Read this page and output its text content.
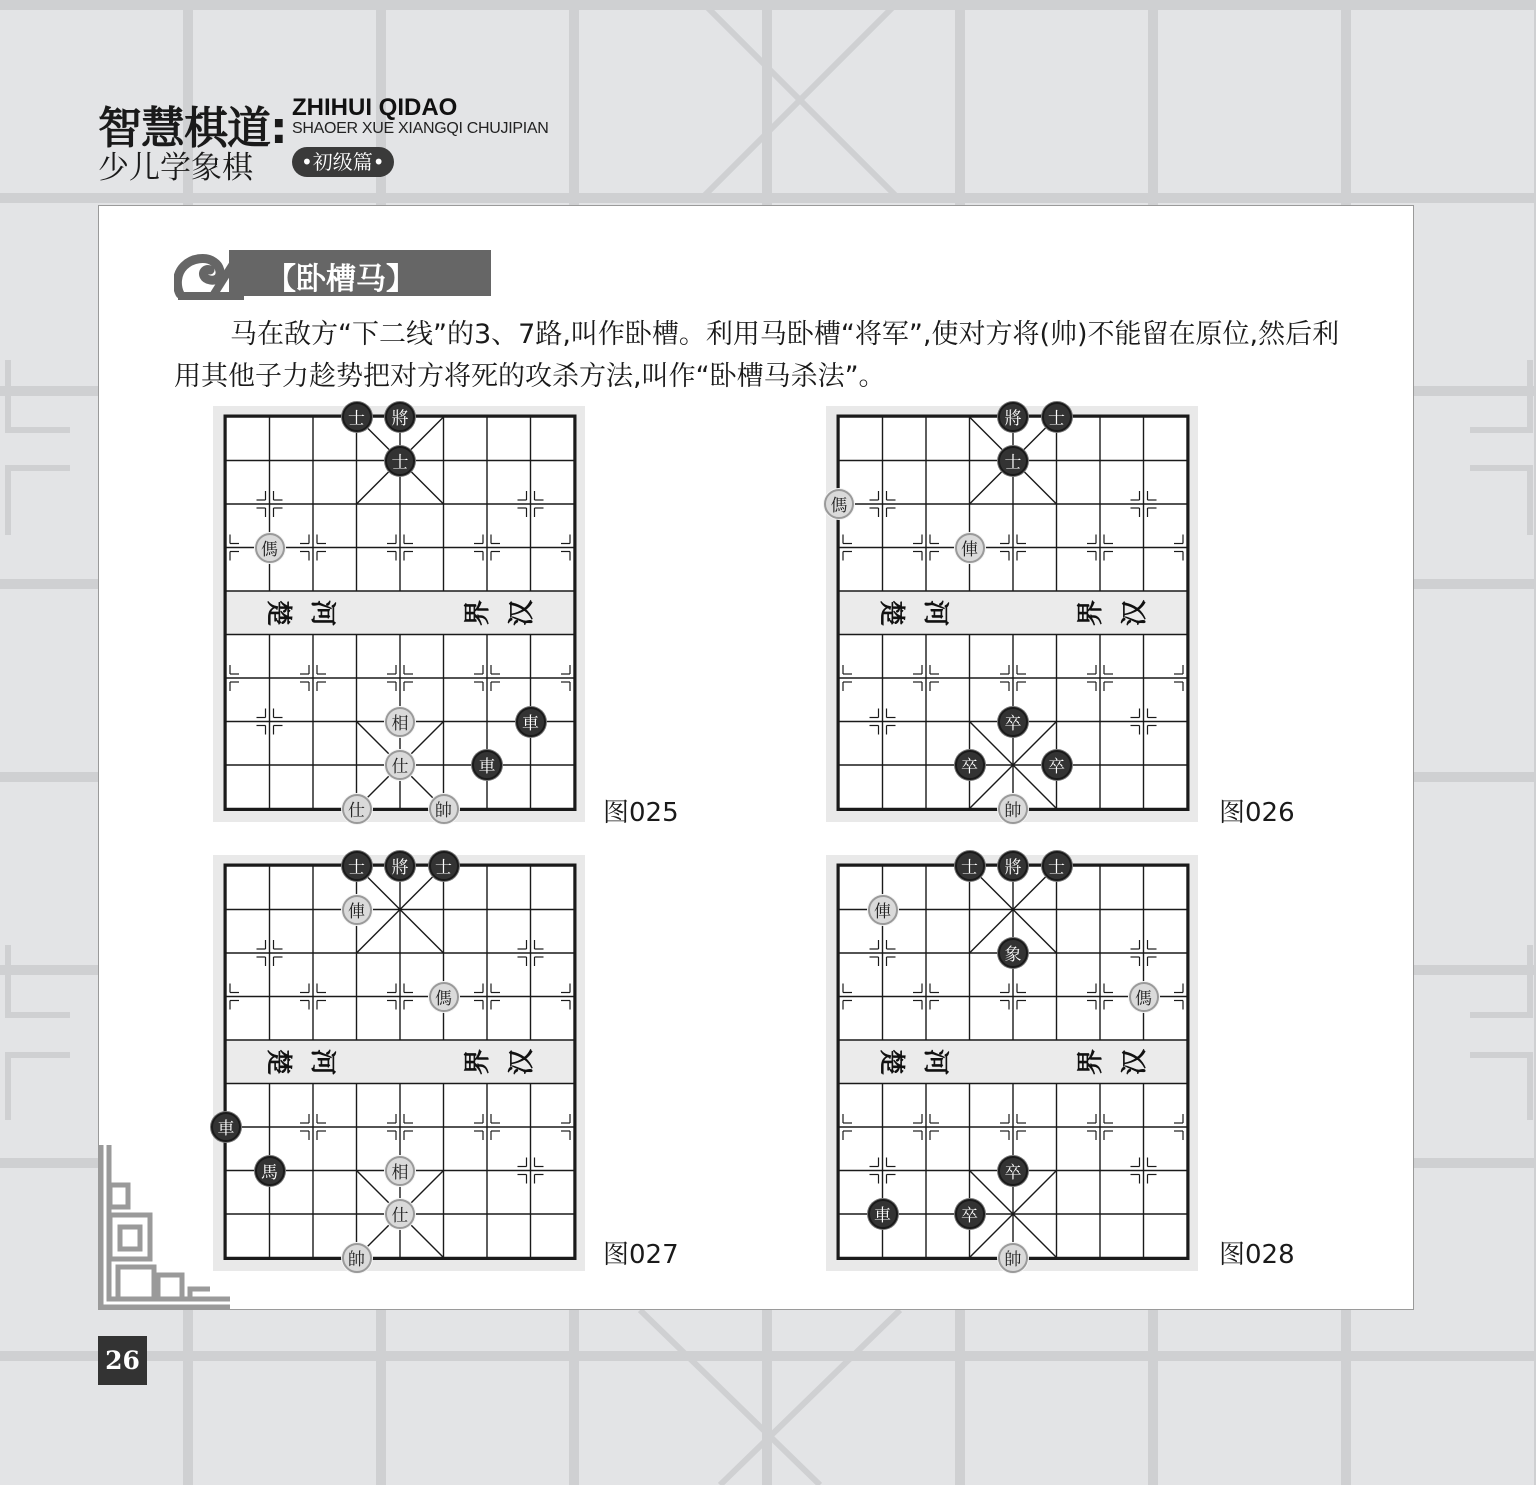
智慧棋道: ZHIHUI QIDAO
SHAOER XUE XIANGQI CHUJIPIAN
少儿学象棋	•初级篇•
【卧槽马】

马在敌方“下二线”的3、7路,叫作卧槽。利用马卧槽“将军”,使对方将(帅)不能留在原位,然后利用其他子力趁势把对方将死的攻杀方法,叫作“卧槽马杀法”。

楚 河	界 汉
士	將
士
傌
車
相
仕	車
仕	帥
楚 河	界 汉
將	士
士
傌
俥
卒
卒	卒
帥
楚 河	界 汉
士	將	士
俥
傌
車
馬	相
仕
帥
楚 河	界 汉
士	將	士
俥
象
傌
卒
車	卒
帥
图025	图026
图027	图028
26
